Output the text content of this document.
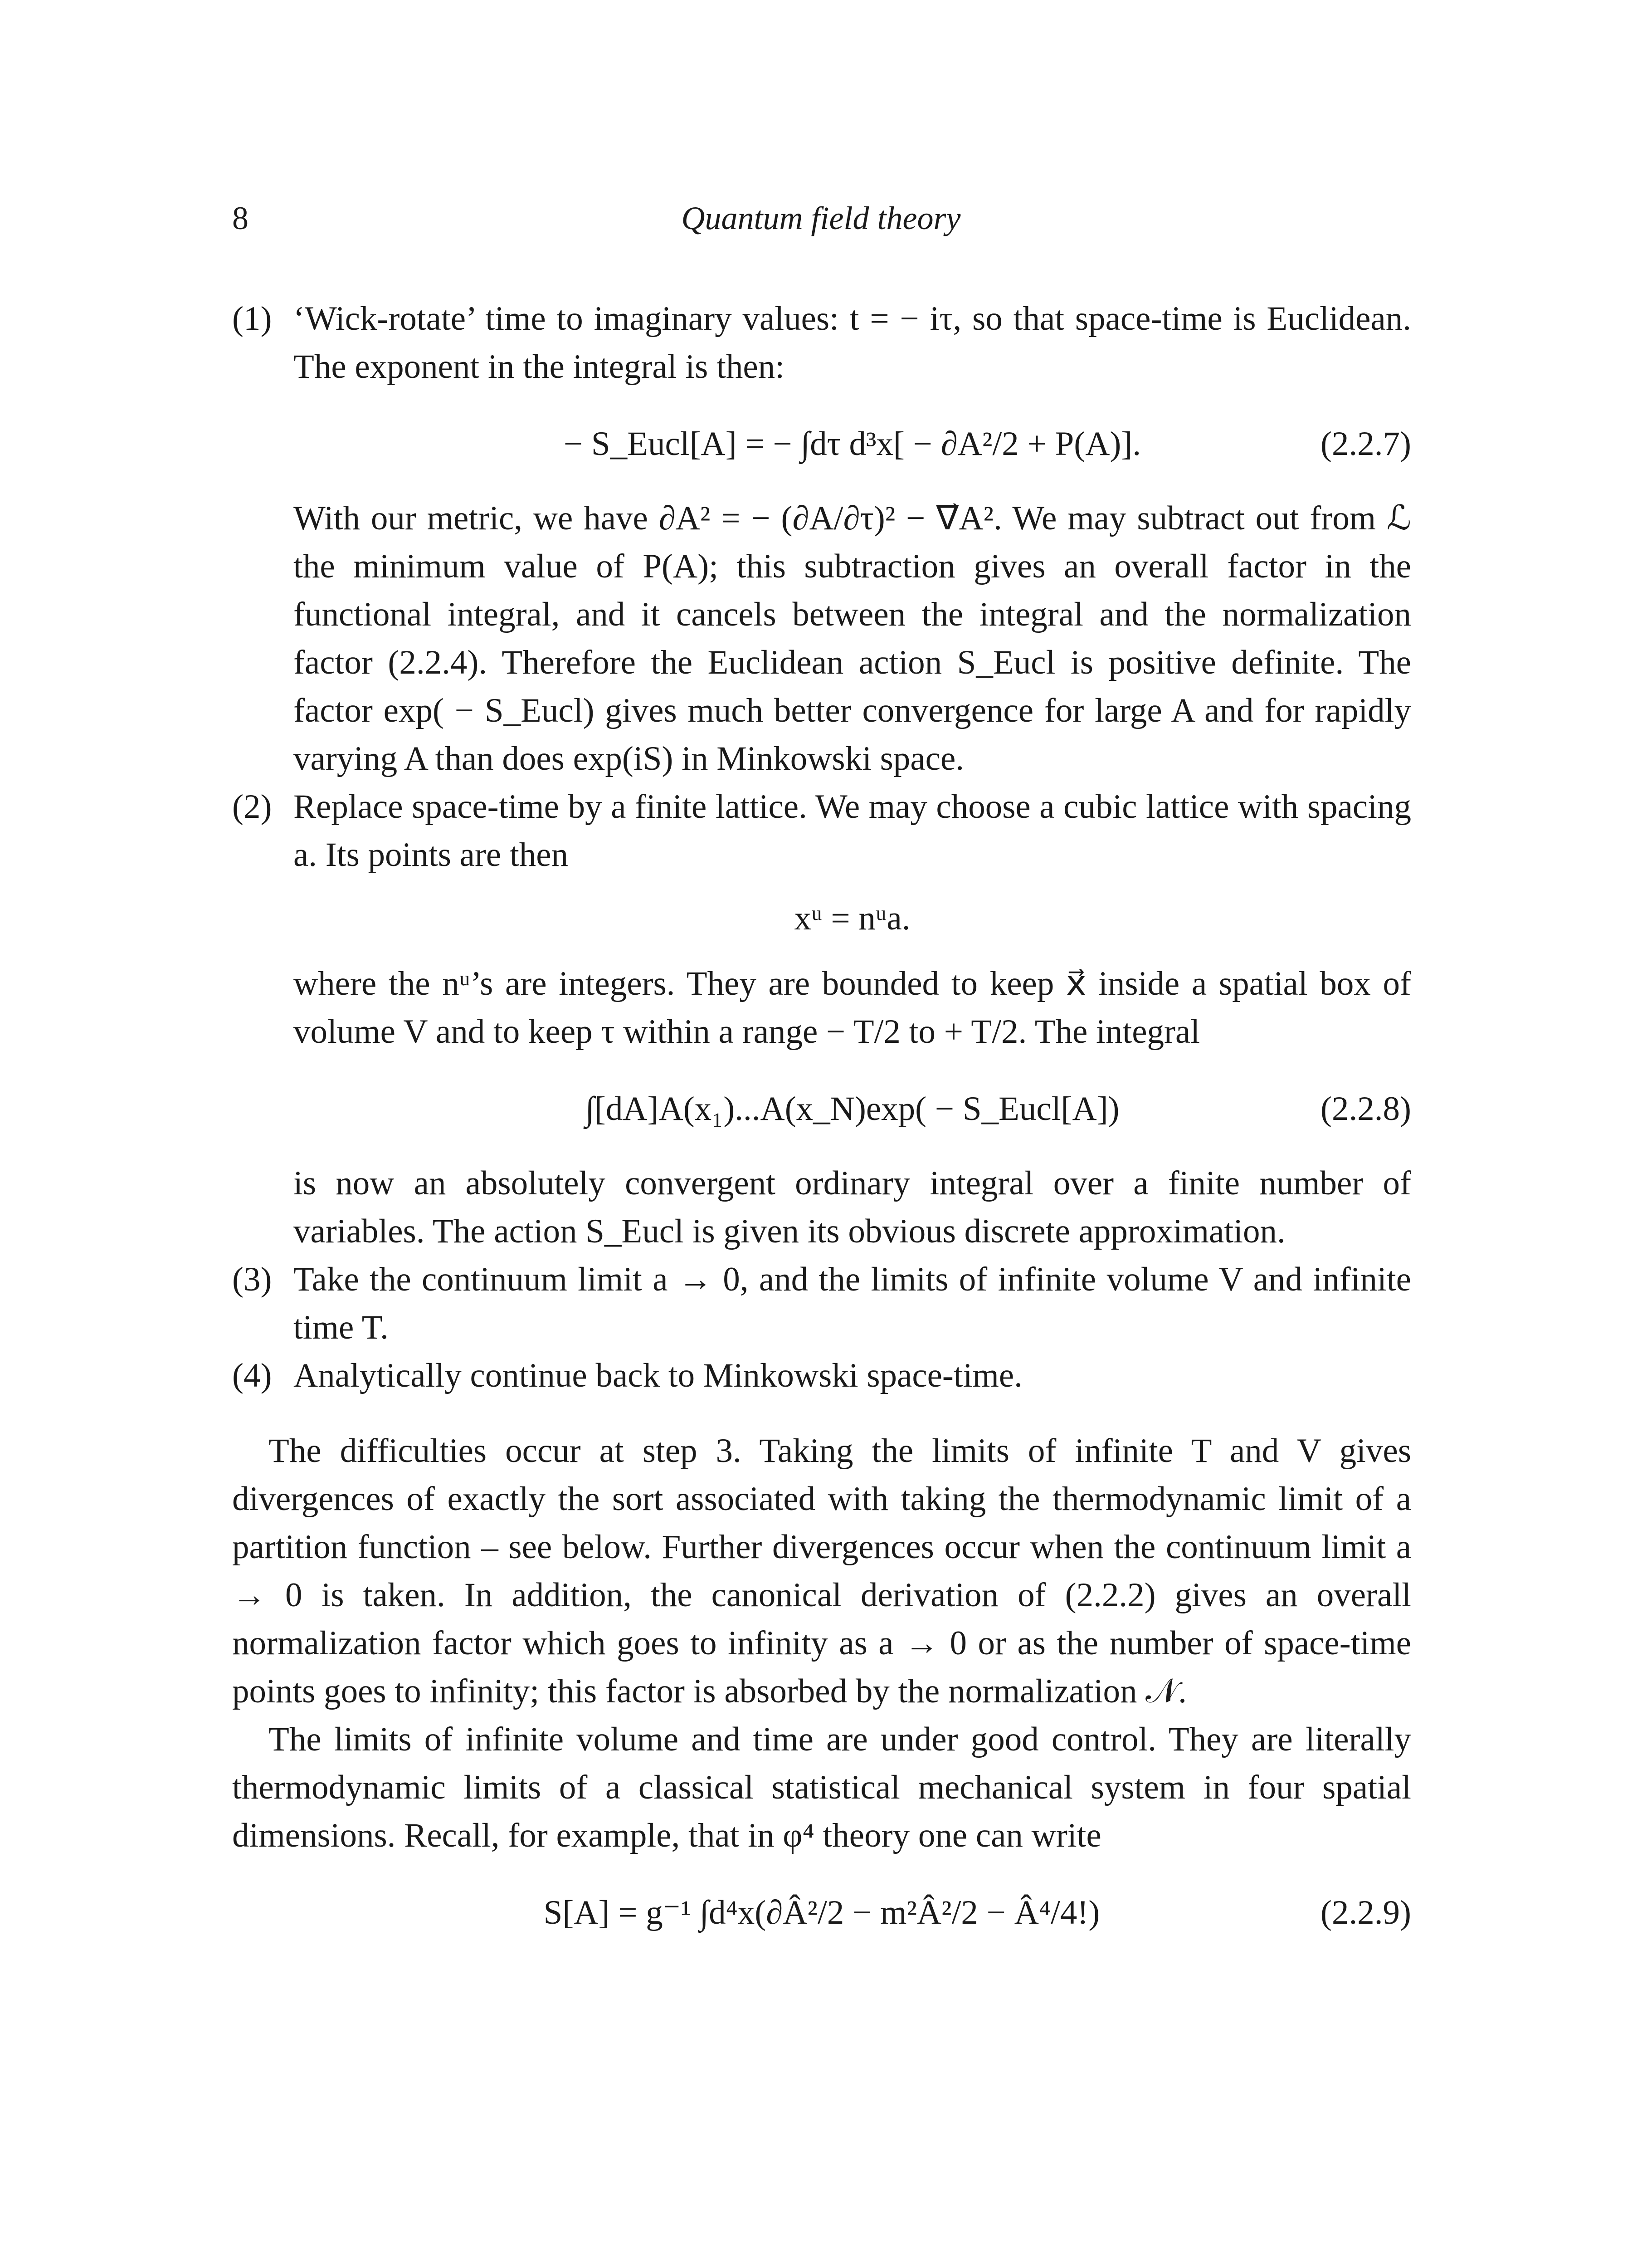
8	Quantum field theory
(1) ‘Wick-rotate’ time to imaginary values: t = − iτ, so that space-time is Euclidean. The exponent in the integral is then:

− S_Eucl[A] = − ∫dτ d³x[ − ∂A²/2 + P(A)].	(2.2.7)

With our metric, we have ∂A² = − (∂A/∂τ)² − ∇⃗A². We may subtract out from ℒ the minimum value of P(A); this subtraction gives an overall factor in the functional integral, and it cancels between the integral and the normalization factor (2.2.4). Therefore the Euclidean action S_Eucl is positive definite. The factor exp( − S_Eucl) gives much better convergence for large A and for rapidly varying A than does exp(iS) in Minkowski space.

(2) Replace space-time by a finite lattice. We may choose a cubic lattice with spacing a. Its points are then

xᵘ = nᵘa.

where the nᵘ’s are integers. They are bounded to keep x⃗ inside a spatial box of volume V and to keep τ within a range − T/2 to + T/2. The integral

∫[dA]A(x₁)...A(x_N)exp( − S_Eucl[A])	(2.2.8)

is now an absolutely convergent ordinary integral over a finite number of variables. The action S_Eucl is given its obvious discrete approximation.

(3) Take the continuum limit a → 0, and the limits of infinite volume V and infinite time T.

(4) Analytically continue back to Minkowski space-time.

The difficulties occur at step 3. Taking the limits of infinite T and V gives divergences of exactly the sort associated with taking the thermodynamic limit of a partition function – see below. Further divergences occur when the continuum limit a → 0 is taken. In addition, the canonical derivation of (2.2.2) gives an overall normalization factor which goes to infinity as a → 0 or as the number of space-time points goes to infinity; this factor is absorbed by the normalization 𝒩.

The limits of infinite volume and time are under good control. They are literally thermodynamic limits of a classical statistical mechanical system in four spatial dimensions. Recall, for example, that in φ⁴ theory one can write

S[A] = g⁻¹ ∫d⁴x(∂Â²/2 − m²Â²/2 − Â⁴/4!)	(2.2.9)
